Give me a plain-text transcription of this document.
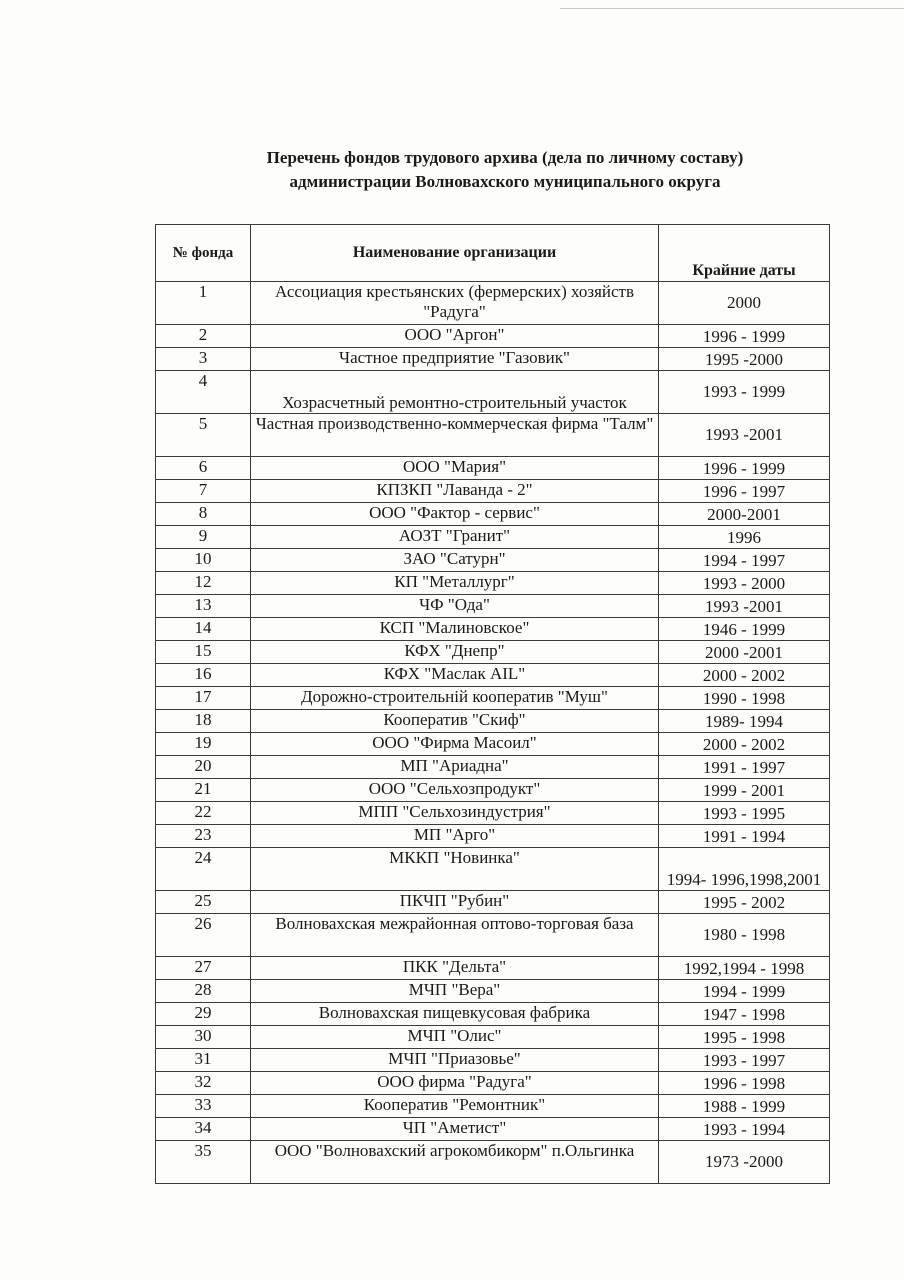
Перечень фондов трудового архива (дела по личному составу)
администрации Волновахского муниципального округа
№ фонда	Наименование организации	Крайние даты
1	Ассоциация крестьянских (фермерских) хозяйств "Радуга"	2000
2	ООО "Аргон"	1996 - 1999
3	Частное предприятие "Газовик"	1995 -2000
4	Хозрасчетный ремонтно-строительный участок	1993 - 1999
5	Частная производственно-коммерческая фирма "Талм"	1993 -2001
6	ООО "Мария"	1996 - 1999
7	КПЗКП "Лаванда - 2"	1996 - 1997
8	ООО "Фактор - сервис"	2000-2001
9	АОЗТ "Гранит"	1996
10	ЗАО "Сатурн"	1994 - 1997
12	КП "Металлург"	1993 - 2000
13	ЧФ "Ода"	1993 -2001
14	КСП "Малиновское"	1946 - 1999
15	КФХ "Днепр"	2000 -2001
16	КФХ "Маслак AIL"	2000 - 2002
17	Дорожно-строительній кооператив "Муш"	1990 - 1998
18	Кооператив "Скиф"	1989- 1994
19	ООО "Фирма Масоил"	2000 - 2002
20	МП "Ариадна"	1991 - 1997
21	ООО "Сельхозпродукт"	1999 - 2001
22	МПП "Сельхозиндустрия"	1993 - 1995
23	МП "Арго"	1991 - 1994
24	МККП "Новинка"	1994- 1996,1998,2001
25	ПКЧП "Рубин"	1995 - 2002
26	Волновахская межрайонная оптово-торговая база	1980 - 1998
27	ПКК "Дельта"	1992,1994 - 1998
28	МЧП "Вера"	1994 - 1999
29	Волновахская пищевкусовая фабрика	1947 - 1998
30	МЧП "Олис"	1995 - 1998
31	МЧП "Приазовье"	1993 - 1997
32	ООО фирма "Радуга"	1996 - 1998
33	Кооператив "Ремонтник"	1988 - 1999
34	ЧП "Аметист"	1993 - 1994
35	ООО "Волновахский агрокомбикорм" п.Ольгинка	1973 -2000
